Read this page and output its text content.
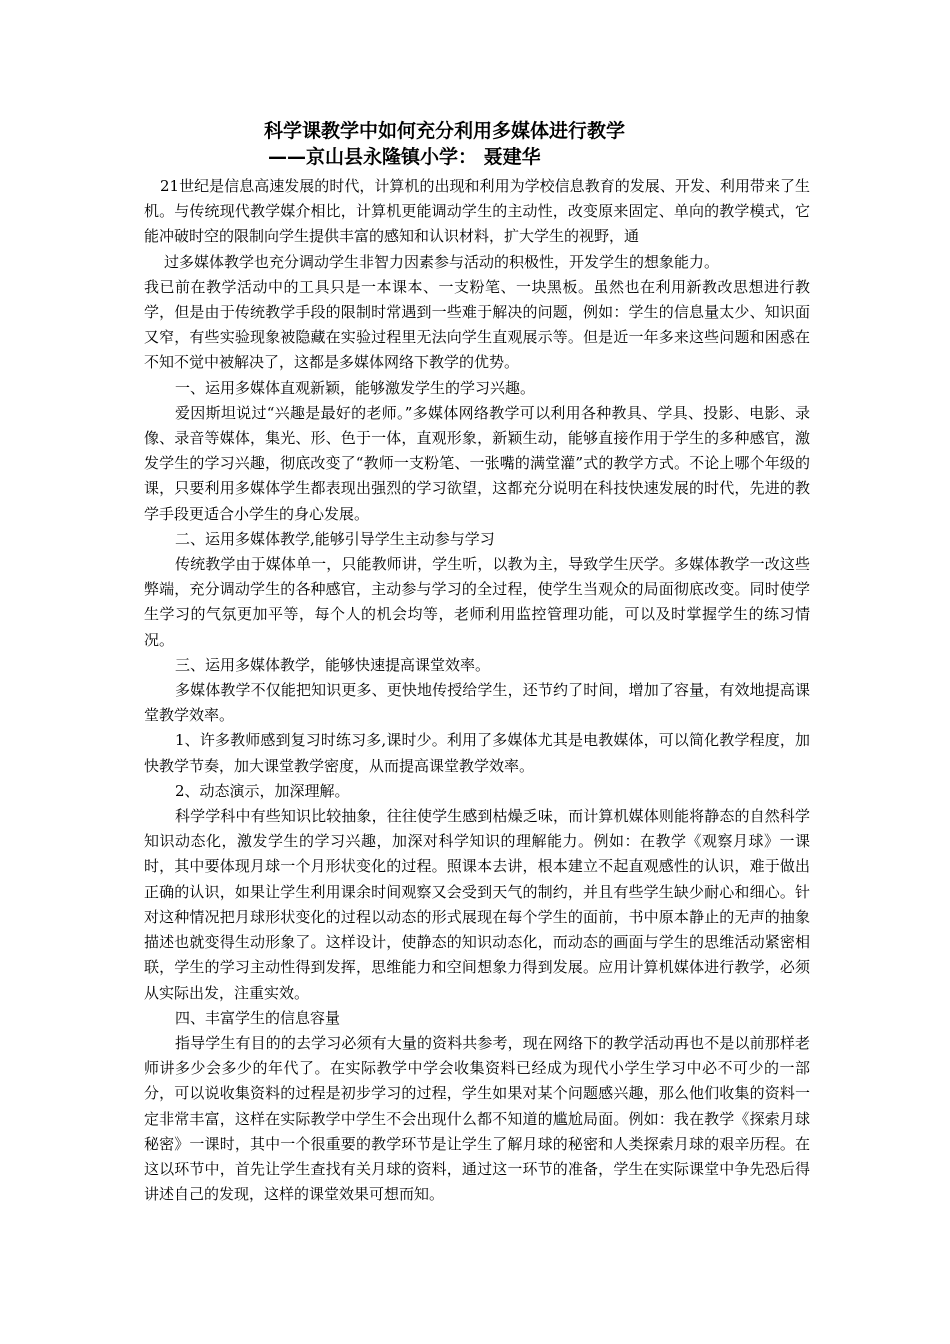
科学课教学中如何充分利用多媒体进行教学
——京山县永隆镇小学： 聂建华

21世纪是信息高速发展的时代，计算机的出现和利用为学校信息教育的发展、开发、利用带来了生机。与传统现代教学媒介相比，计算机更能调动学生的主动性，改变原来固定、单向的教学模式，它能冲破时空的限制向学生提供丰富的感知和认识材料，扩大学生的视野，通

过多媒体教学也充分调动学生非智力因素参与活动的积极性，开发学生的想象能力。

我已前在教学活动中的工具只是一本课本、一支粉笔、一块黑板。虽然也在利用新教改思想进行教学，但是由于传统教学手段的限制时常遇到一些难于解决的问题，例如：学生的信息量太少、知识面又窄，有些实验现象被隐藏在实验过程里无法向学生直观展示等。但是近一年多来这些问题和困惑在不知不觉中被解决了，这都是多媒体网络下教学的优势。

一、运用多媒体直观新颖，能够激发学生的学习兴趣。

爱因斯坦说过“兴趣是最好的老师。”多媒体网络教学可以利用各种教具、学具、投影、电影、录像、录音等媒体，集光、形、色于一体，直观形象，新颖生动，能够直接作用于学生的多种感官，激发学生的学习兴趣，彻底改变了“教师一支粉笔、一张嘴的满堂灌”式的教学方式。不论上哪个年级的课，只要利用多媒体学生都表现出强烈的学习欲望，这都充分说明在科技快速发展的时代，先进的教学手段更适合小学生的身心发展。

二、运用多媒体教学,能够引导学生主动参与学习

传统教学由于媒体单一，只能教师讲，学生听，以教为主，导致学生厌学。多媒体教学一改这些弊端，充分调动学生的各种感官，主动参与学习的全过程，使学生当观众的局面彻底改变。同时使学生学习的气氛更加平等，每个人的机会均等，老师利用监控管理功能，可以及时掌握学生的练习情况。

三、运用多媒体教学，能够快速提高课堂效率。

多媒体教学不仅能把知识更多、更快地传授给学生，还节约了时间，增加了容量，有效地提高课堂教学效率。

1、许多教师感到复习时练习多,课时少。利用了多媒体尤其是电教媒体，可以简化教学程度，加快教学节奏，加大课堂教学密度，从而提高课堂教学效率。

2、动态演示，加深理解。

科学学科中有些知识比较抽象，往往使学生感到枯燥乏味，而计算机媒体则能将静态的自然科学知识动态化，激发学生的学习兴趣，加深对科学知识的理解能力。例如：在教学《观察月球》一课时，其中要体现月球一个月形状变化的过程。照课本去讲，根本建立不起直观感性的认识，难于做出正确的认识，如果让学生利用课余时间观察又会受到天气的制约，并且有些学生缺少耐心和细心。针对这种情况把月球形状变化的过程以动态的形式展现在每个学生的面前，书中原本静止的无声的抽象描述也就变得生动形象了。这样设计，使静态的知识动态化，而动态的画面与学生的思维活动紧密相联，学生的学习主动性得到发挥，思维能力和空间想象力得到发展。应用计算机媒体进行教学，必须从实际出发，注重实效。

四、丰富学生的信息容量

指导学生有目的的去学习必须有大量的资料共参考，现在网络下的教学活动再也不是以前那样老师讲多少会多少的年代了。在实际教学中学会收集资料已经成为现代小学生学习中必不可少的一部分，可以说收集资料的过程是初步学习的过程，学生如果对某个问题感兴趣，那么他们收集的资料一定非常丰富，这样在实际教学中学生不会出现什么都不知道的尴尬局面。例如：我在教学《探索月球秘密》一课时，其中一个很重要的教学环节是让学生了解月球的秘密和人类探索月球的艰辛历程。在这以环节中，首先让学生查找有关月球的资料，通过这一环节的准备，学生在实际课堂中争先恐后得讲述自己的发现，这样的课堂效果可想而知。
